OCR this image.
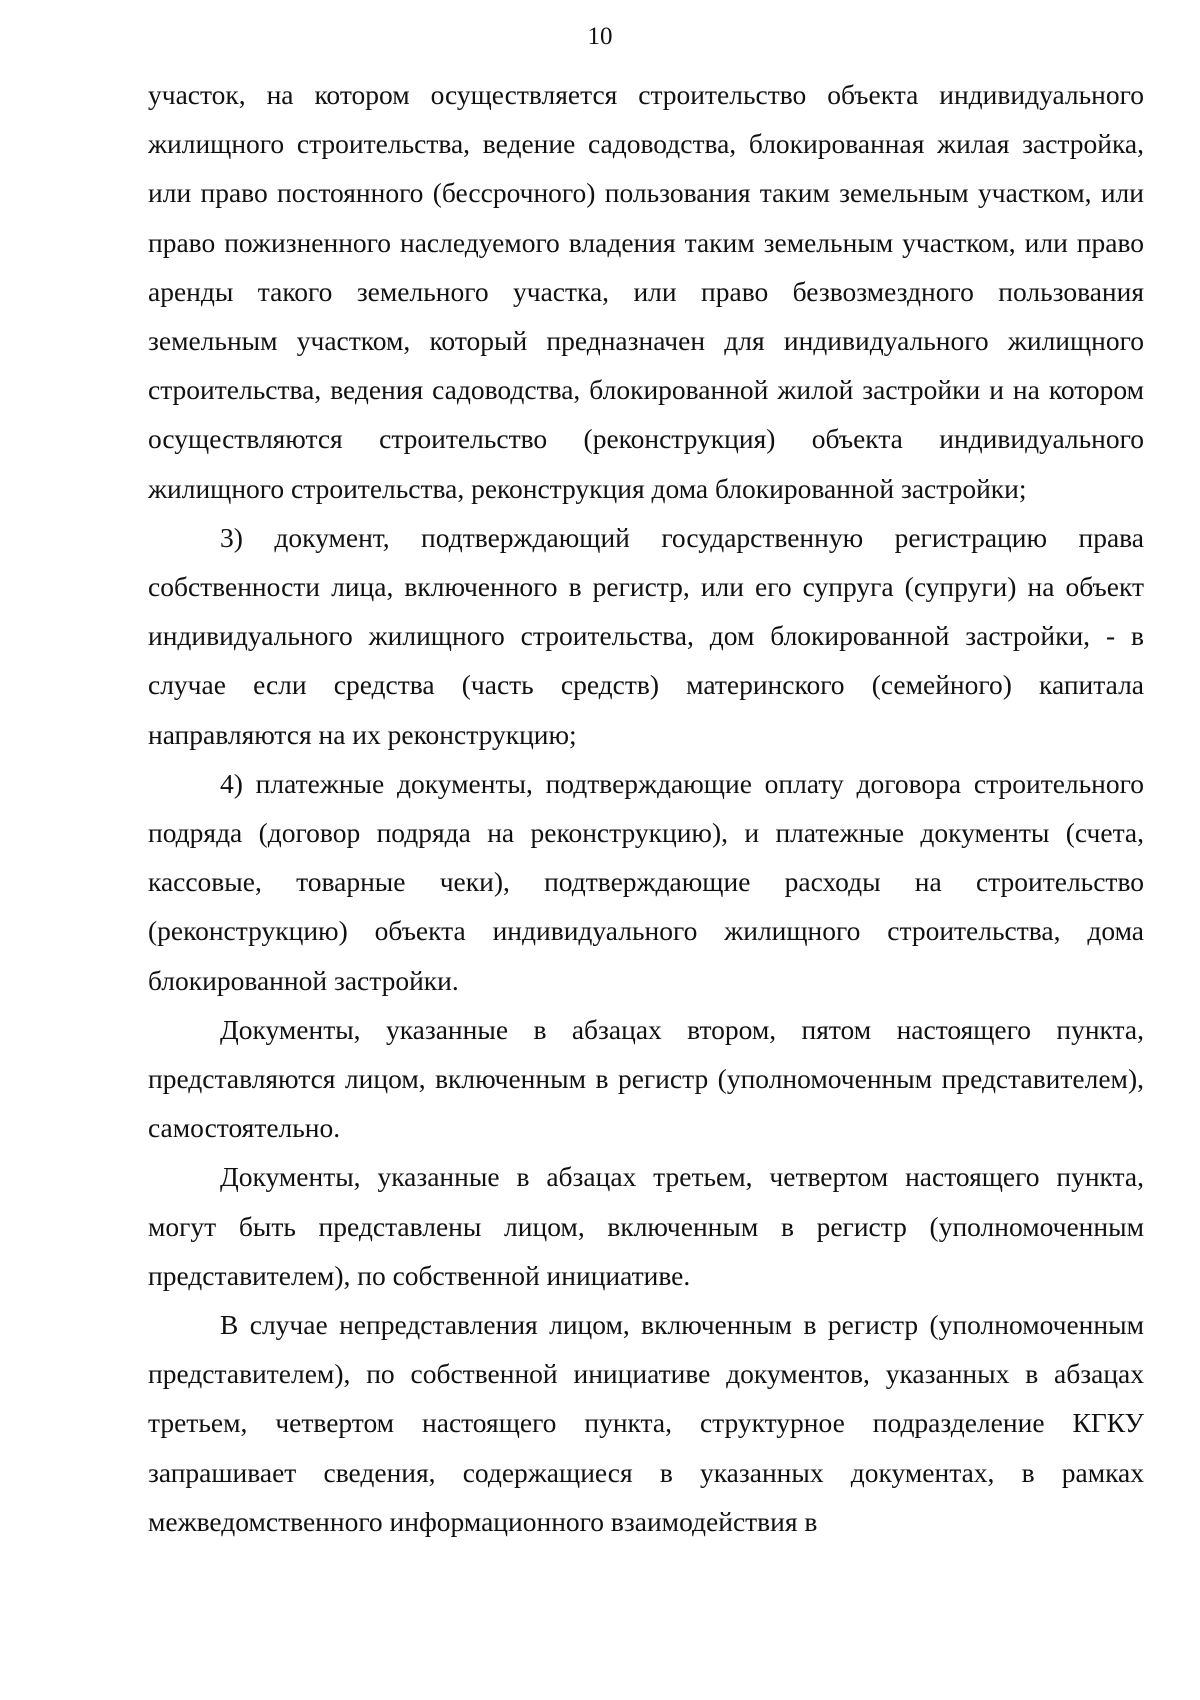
10

участок, на котором осуществляется строительство объекта индивидуального жилищного строительства, ведение садоводства, блокированная жилая застройка, или право постоянного (бессрочного) пользования таким земельным участком, или право пожизненного наследуемого владения таким земельным участком, или право аренды такого земельного участка, или право безвозмездного пользования земельным участком, который предназначен для индивидуального жилищного строительства, ведения садоводства, блокированной жилой застройки и на котором осуществляются строительство (реконструкция) объекта индивидуального жилищного строительства, реконструкция дома блокированной застройки;

3) документ, подтверждающий государственную регистрацию права собственности лица, включенного в регистр, или его супруга (супруги) на объект индивидуального жилищного строительства, дом блокированной застройки, - в случае если средства (часть средств) материнского (семейного) капитала направляются на их реконструкцию;

4) платежные документы, подтверждающие оплату договора строительного подряда (договор подряда на реконструкцию), и платежные документы (счета, кассовые, товарные чеки), подтверждающие расходы на строительство (реконструкцию) объекта индивидуального жилищного строительства, дома блокированной застройки.

Документы, указанные в абзацах втором, пятом настоящего пункта, представляются лицом, включенным в регистр (уполномоченным представителем), самостоятельно.

Документы, указанные в абзацах третьем, четвертом настоящего пункта, могут быть представлены лицом, включенным в регистр (уполномоченным представителем), по собственной инициативе.

В случае непредставления лицом, включенным в регистр (уполномоченным представителем), по собственной инициативе документов, указанных в абзацах третьем, четвертом настоящего пункта, структурное подразделение КГКУ запрашивает сведения, содержащиеся в указанных документах, в рамках межведомственного информационного взаимодействия в
